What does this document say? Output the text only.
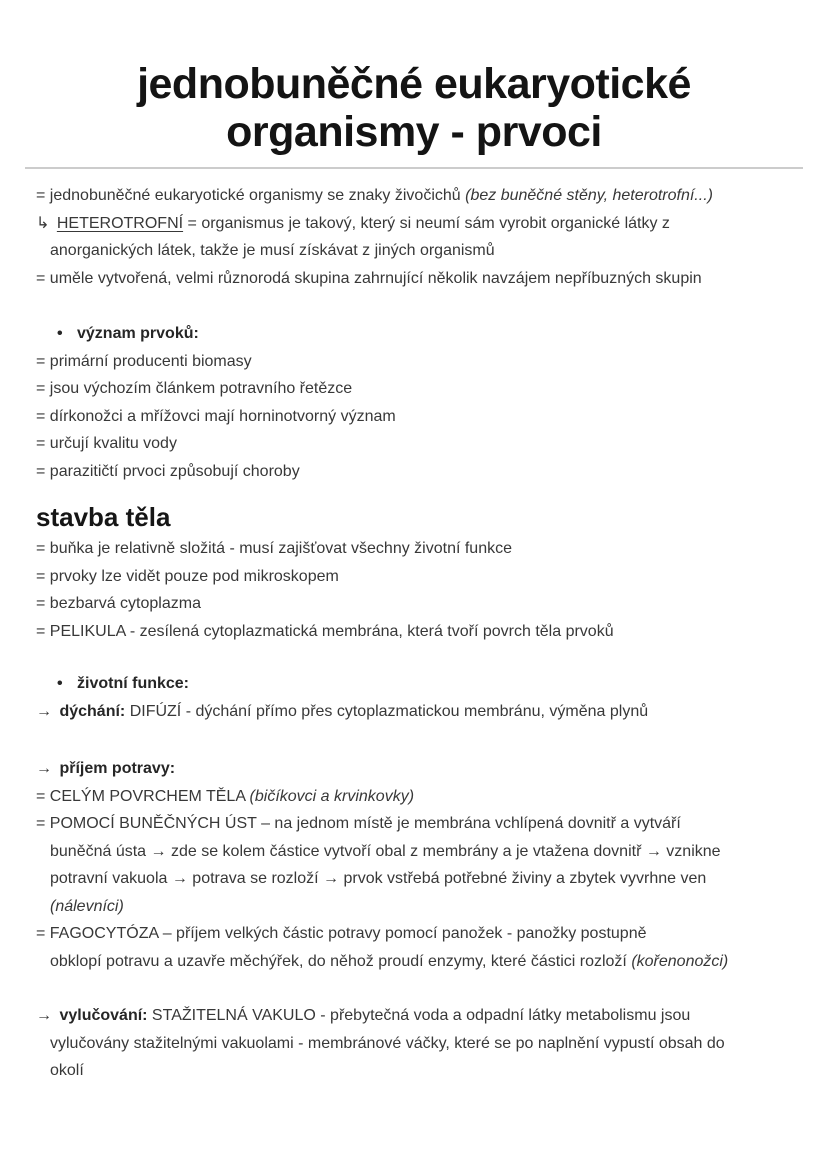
jednobuněčné eukaryotické
organismy - prvoci
= jednobuněčné eukaryotické organismy se znaky živočichů (bez buněčné stěny, heterotrofní...)
↳ HETEROTROFNÍ = organismus je takový, který si neumí sám vyrobit organické látky z
anorganických látek, takže je musí získávat z jiných organismů
= uměle vytvořená, velmi různorodá skupina zahrnující několik navzájem nepříbuzných skupin
• význam prvoků:
= primární producenti biomasy
= jsou výchozím článkem potravního řetězce
= dírkonožci a mřížovci mají horninotvorný význam
= určují kvalitu vody
= parazitičtí prvoci způsobují choroby
stavba těla
= buňka je relativně složitá - musí zajišťovat všechny životní funkce
= prvoky lze vidět pouze pod mikroskopem
= bezbarvá cytoplazma
= PELIKULA - zesílená cytoplazmatická membrána, která tvoří povrch těla prvoků
• životní funkce:
→ dýchání: DIFÚZÍ - dýchání přímo přes cytoplazmatickou membránu, výměna plynů
→ příjem potravy:
= CELÝM POVRCHEM TĚLA (bičíkovci a krvinkovky)
= POMOCÍ BUNĚČNÝCH ÚST – na jednom místě je membrána vchlípená dovnitř a vytváří
buněčná ústa → zde se kolem částice vytvoří obal z membrány a je vtažena dovnitř → vznikne
potravní vakuola → potrava se rozloží → prvok vstřebá potřebné živiny a zbytek vyvrhne ven
(nálevníci)
= FAGOCYTÓZA – příjem velkých částic potravy pomocí panožek - panožky postupně
obklopí potravu a uzavře měchýřek, do něhož proudí enzymy, které částici rozloží (kořenonožci)
→ vylučování: STAŽITELNÁ VAKULO - přebytečná voda a odpadní látky metabolismu jsou
vylučovány stažitelnými vakuolami - membránové váčky, které se po naplnění vypustí obsah do
okolí
